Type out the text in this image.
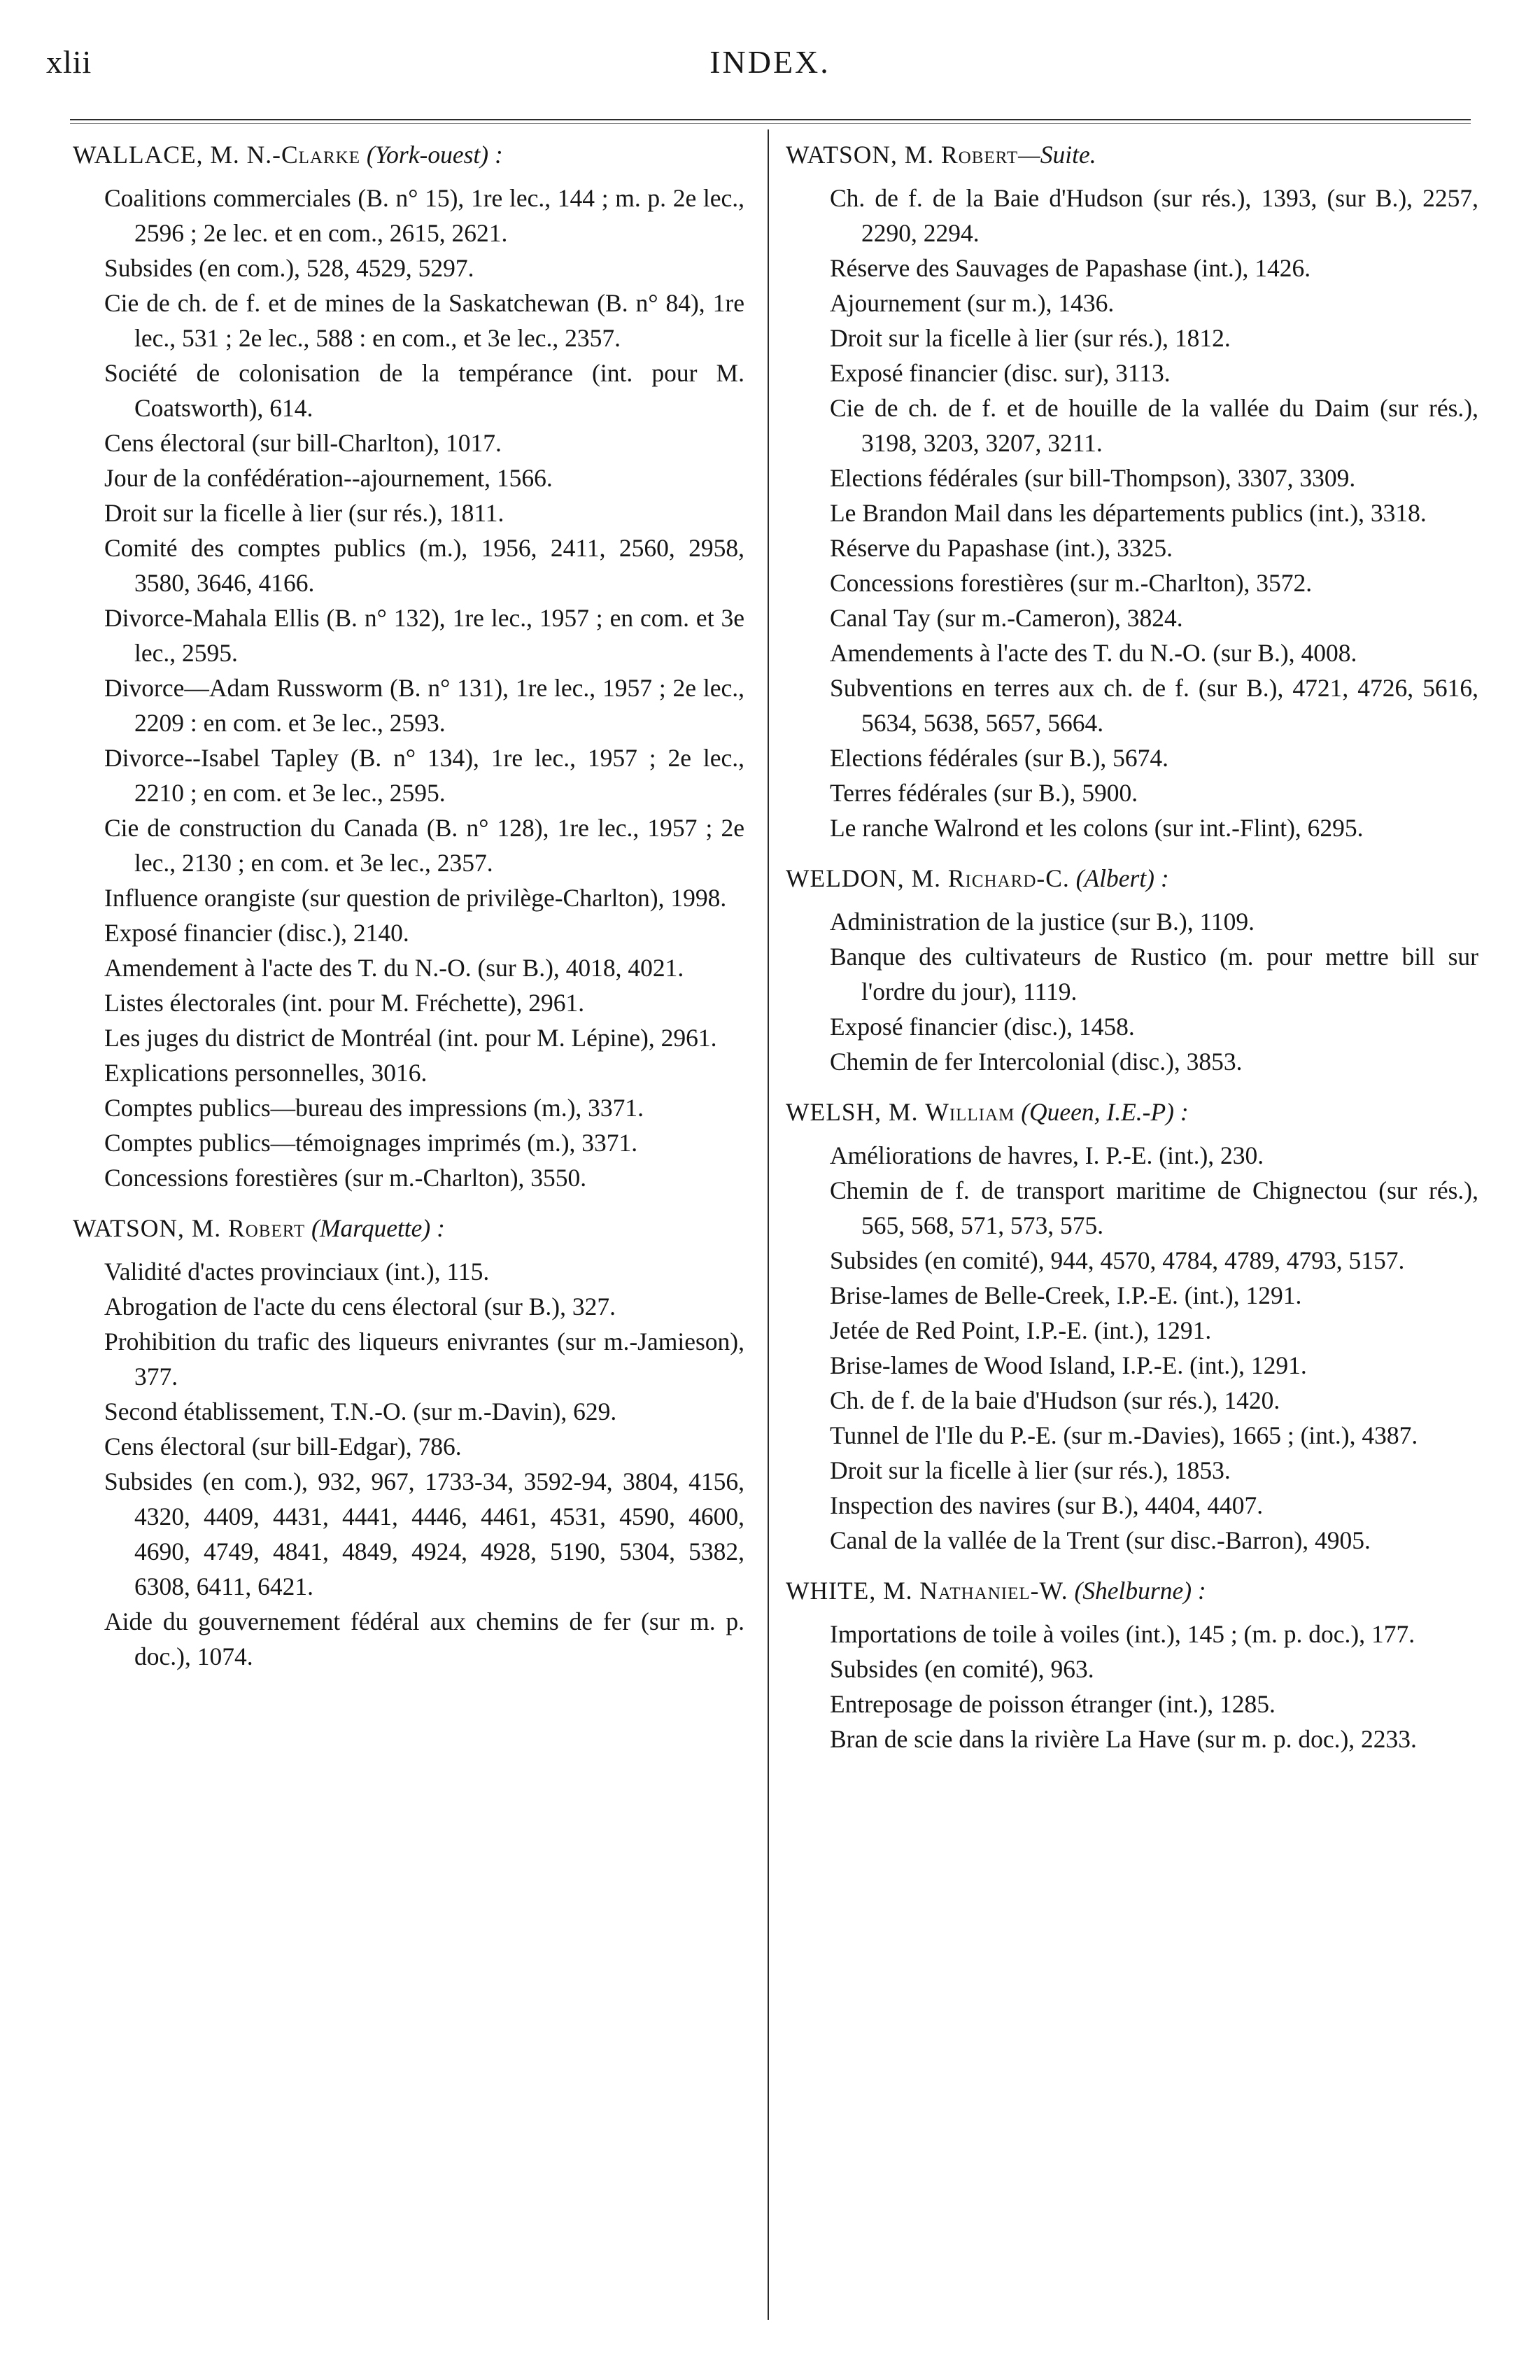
xlii	INDEX.

WALLACE, M. N.-Clarke (York-ouest) :

Coalitions commerciales (B. n° 15), 1re lec., 144 ; m. p. 2e lec., 2596 ; 2e lec. et en com., 2615, 2621.

Subsides (en com.), 528, 4529, 5297.

Cie de ch. de f. et de mines de la Saskatchewan (B. n° 84), 1re lec., 531 ; 2e lec., 588 : en com., et 3e lec., 2357.

Société de colonisation de la tempérance (int. pour M. Coatsworth), 614.

Cens électoral (sur bill-Charlton), 1017.

Jour de la confédération--ajournement, 1566.

Droit sur la ficelle à lier (sur rés.), 1811.

Comité des comptes publics (m.), 1956, 2411, 2560, 2958, 3580, 3646, 4166.

Divorce-Mahala Ellis (B. n° 132), 1re lec., 1957 ; en com. et 3e lec., 2595.

Divorce—Adam Russworm (B. n° 131), 1re lec., 1957 ; 2e lec., 2209 : en com. et 3e lec., 2593.

Divorce--Isabel Tapley (B. n° 134), 1re lec., 1957 ; 2e lec., 2210 ; en com. et 3e lec., 2595.

Cie de construction du Canada (B. n° 128), 1re lec., 1957 ; 2e lec., 2130 ; en com. et 3e lec., 2357.

Influence orangiste (sur question de privilège-Charlton), 1998.

Exposé financier (disc.), 2140.

Amendement à l'acte des T. du N.-O. (sur B.), 4018, 4021.

Listes électorales (int. pour M. Fréchette), 2961.

Les juges du district de Montréal (int. pour M. Lépine), 2961.

Explications personnelles, 3016.

Comptes publics—bureau des impressions (m.), 3371.

Comptes publics—témoignages imprimés (m.), 3371.

Concessions forestières (sur m.-Charlton), 3550.

WATSON, M. Robert (Marquette) :

Validité d'actes provinciaux (int.), 115.

Abrogation de l'acte du cens électoral (sur B.), 327.

Prohibition du trafic des liqueurs enivrantes (sur m.-Jamieson), 377.

Second établissement, T.N.-O. (sur m.-Davin), 629.

Cens électoral (sur bill-Edgar), 786.

Subsides (en com.), 932, 967, 1733-34, 3592-94, 3804, 4156, 4320, 4409, 4431, 4441, 4446, 4461, 4531, 4590, 4600, 4690, 4749, 4841, 4849, 4924, 4928, 5190, 5304, 5382, 6308, 6411, 6421.

Aide du gouvernement fédéral aux chemins de fer (sur m. p. doc.), 1074.

WATSON, M. Robert—Suite.

Ch. de f. de la Baie d'Hudson (sur rés.), 1393, (sur B.), 2257, 2290, 2294.

Réserve des Sauvages de Papashase (int.), 1426.

Ajournement (sur m.), 1436.

Droit sur la ficelle à lier (sur rés.), 1812.

Exposé financier (disc. sur), 3113.

Cie de ch. de f. et de houille de la vallée du Daim (sur rés.), 3198, 3203, 3207, 3211.

Elections fédérales (sur bill-Thompson), 3307, 3309.

Le Brandon Mail dans les départements publics (int.), 3318.

Réserve du Papashase (int.), 3325.

Concessions forestières (sur m.-Charlton), 3572.

Canal Tay (sur m.-Cameron), 3824.

Amendements à l'acte des T. du N.-O. (sur B.), 4008.

Subventions en terres aux ch. de f. (sur B.), 4721, 4726, 5616, 5634, 5638, 5657, 5664.

Elections fédérales (sur B.), 5674.

Terres fédérales (sur B.), 5900.

Le ranche Walrond et les colons (sur int.-Flint), 6295.

WELDON, M. Richard-C. (Albert) :

Administration de la justice (sur B.), 1109.

Banque des cultivateurs de Rustico (m. pour mettre bill sur l'ordre du jour), 1119.

Exposé financier (disc.), 1458.

Chemin de fer Intercolonial (disc.), 3853.

WELSH, M. William (Queen, I.E.-P) :

Améliorations de havres, I. P.-E. (int.), 230.

Chemin de f. de transport maritime de Chignectou (sur rés.), 565, 568, 571, 573, 575.

Subsides (en comité), 944, 4570, 4784, 4789, 4793, 5157.

Brise-lames de Belle-Creek, I.P.-E. (int.), 1291.

Jetée de Red Point, I.P.-E. (int.), 1291.

Brise-lames de Wood Island, I.P.-E. (int.), 1291.

Ch. de f. de la baie d'Hudson (sur rés.), 1420.

Tunnel de l'Ile du P.-E. (sur m.-Davies), 1665 ; (int.), 4387.

Droit sur la ficelle à lier (sur rés.), 1853.

Inspection des navires (sur B.), 4404, 4407.

Canal de la vallée de la Trent (sur disc.-Barron), 4905.

WHITE, M. Nathaniel-W. (Shelburne) :

Importations de toile à voiles (int.), 145 ; (m. p. doc.), 177.

Subsides (en comité), 963.

Entreposage de poisson étranger (int.), 1285.

Bran de scie dans la rivière La Have (sur m. p. doc.), 2233.
